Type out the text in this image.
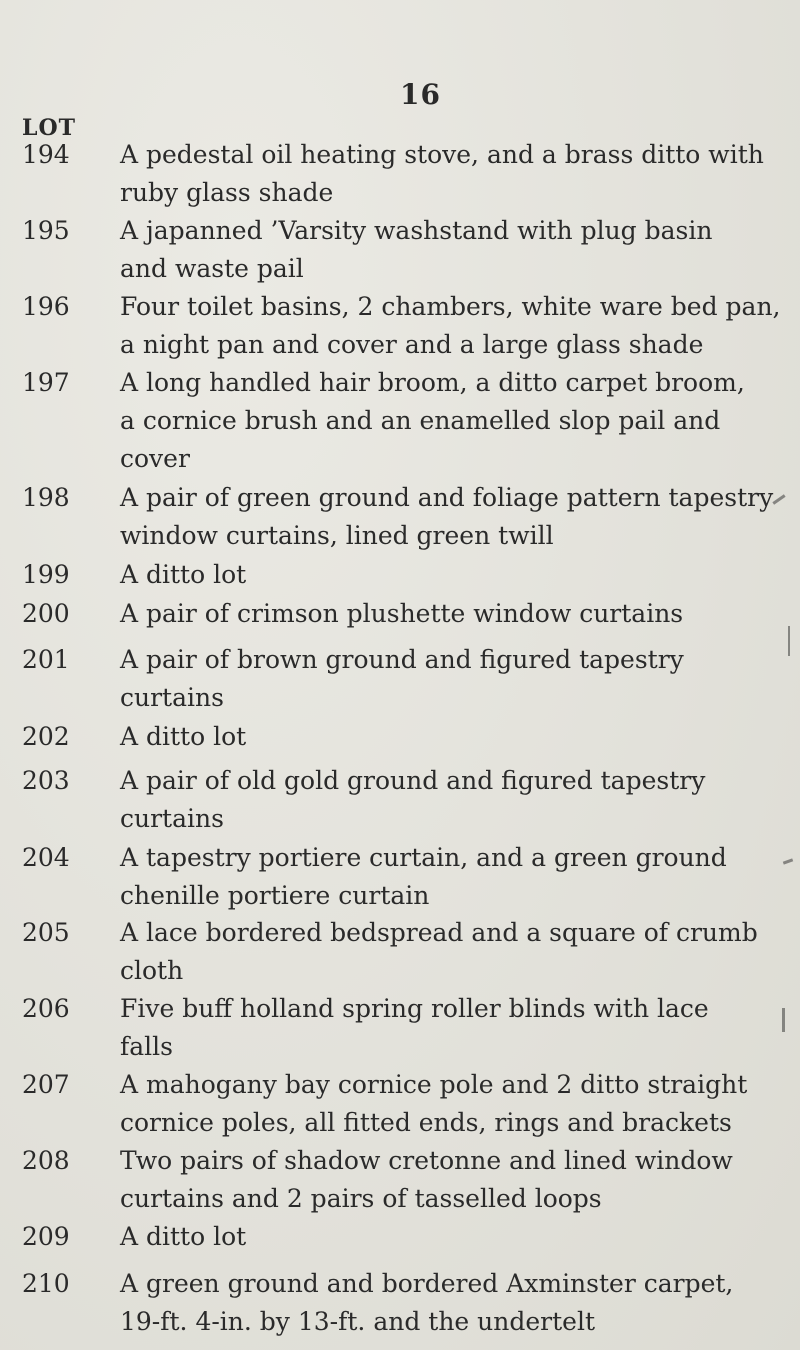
16
LOT
194	A pedestal oil heating stove, and a brass ditto with
ruby glass shade
195	A japanned ’Varsity washstand with plug basin
and waste pail
196	Four toilet basins, 2 chambers, white ware bed pan,
a night pan and cover and a large glass shade
197	A long handled hair broom, a ditto carpet broom,
a cornice brush and an enamelled slop pail and
cover
198	A pair of green ground and foliage pattern tapestry
window curtains, lined green twill
199	A ditto lot
200	A pair of crimson plushette window curtains
201	A pair of brown ground and figured tapestry
curtains
202	A ditto lot
203	A pair of old gold ground and figured tapestry
curtains
204	A tapestry portiere curtain, and a green ground
chenille portiere curtain
205	A lace bordered bedspread and a square of crumb
cloth
206	Five buff holland spring roller blinds with lace
falls
207	A mahogany bay cornice pole and 2 ditto straight
cornice poles, all fitted ends, rings and brackets
208	Two pairs of shadow cretonne and lined window
curtains and 2 pairs of tasselled loops
209	A ditto lot
210	A green ground and bordered Axminster carpet,
19-ft. 4-in. by 13-ft. and the undertelt
